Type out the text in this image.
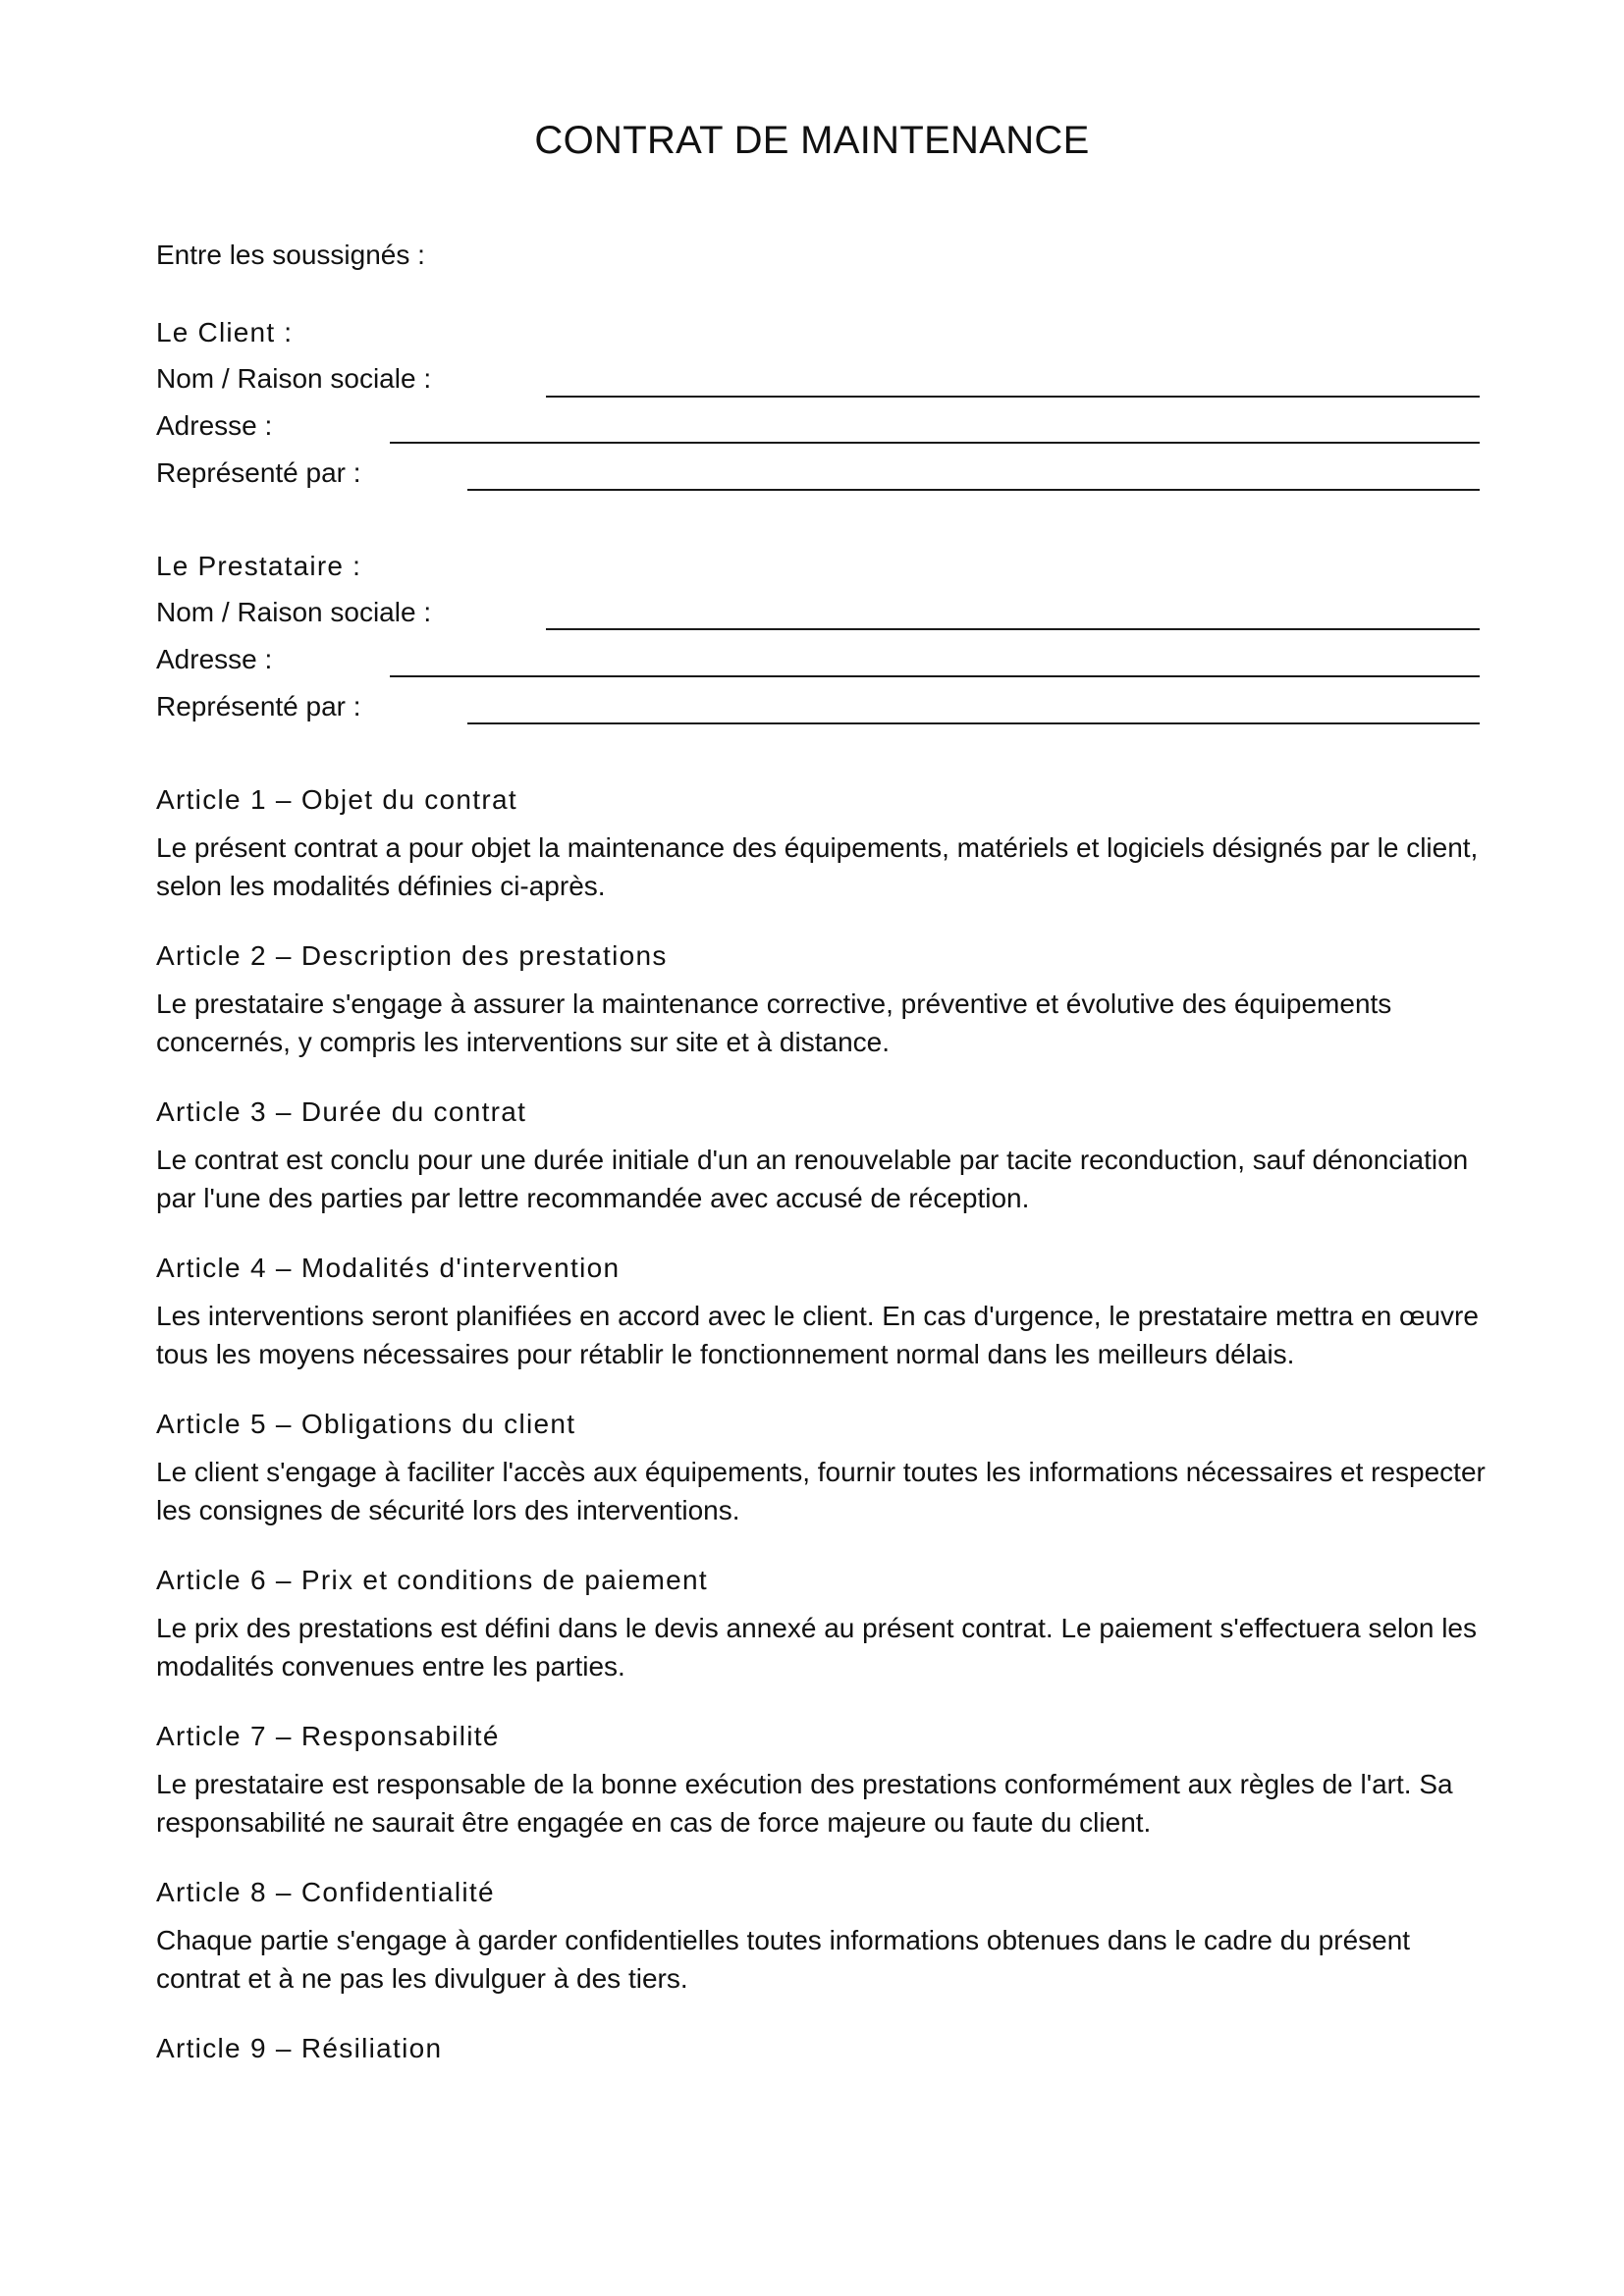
CONTRAT DE MAINTENANCE
Entre les soussignés :
Le Client :
Nom / Raison sociale :
Adresse :
Représenté par :
Le Prestataire :
Nom / Raison sociale :
Adresse :
Représenté par :
Article 1 – Objet du contrat
Le présent contrat a pour objet la maintenance des équipements, matériels et logiciels désignés par le client, selon les modalités définies ci-après.
Article 2 – Description des prestations
Le prestataire s'engage à assurer la maintenance corrective, préventive et évolutive des équipements concernés, y compris les interventions sur site et à distance.
Article 3 – Durée du contrat
Le contrat est conclu pour une durée initiale d'un an renouvelable par tacite reconduction, sauf dénonciation par l'une des parties par lettre recommandée avec accusé de réception.
Article 4 – Modalités d'intervention
Les interventions seront planifiées en accord avec le client. En cas d'urgence, le prestataire mettra en œuvre tous les moyens nécessaires pour rétablir le fonctionnement normal dans les meilleurs délais.
Article 5 – Obligations du client
Le client s'engage à faciliter l'accès aux équipements, fournir toutes les informations nécessaires et respecter les consignes de sécurité lors des interventions.
Article 6 – Prix et conditions de paiement
Le prix des prestations est défini dans le devis annexé au présent contrat. Le paiement s'effectuera selon les modalités convenues entre les parties.
Article 7 – Responsabilité
Le prestataire est responsable de la bonne exécution des prestations conformément aux règles de l'art. Sa responsabilité ne saurait être engagée en cas de force majeure ou faute du client.
Article 8 – Confidentialité
Chaque partie s'engage à garder confidentielles toutes informations obtenues dans le cadre du présent contrat et à ne pas les divulguer à des tiers.
Article 9 – Résiliation
